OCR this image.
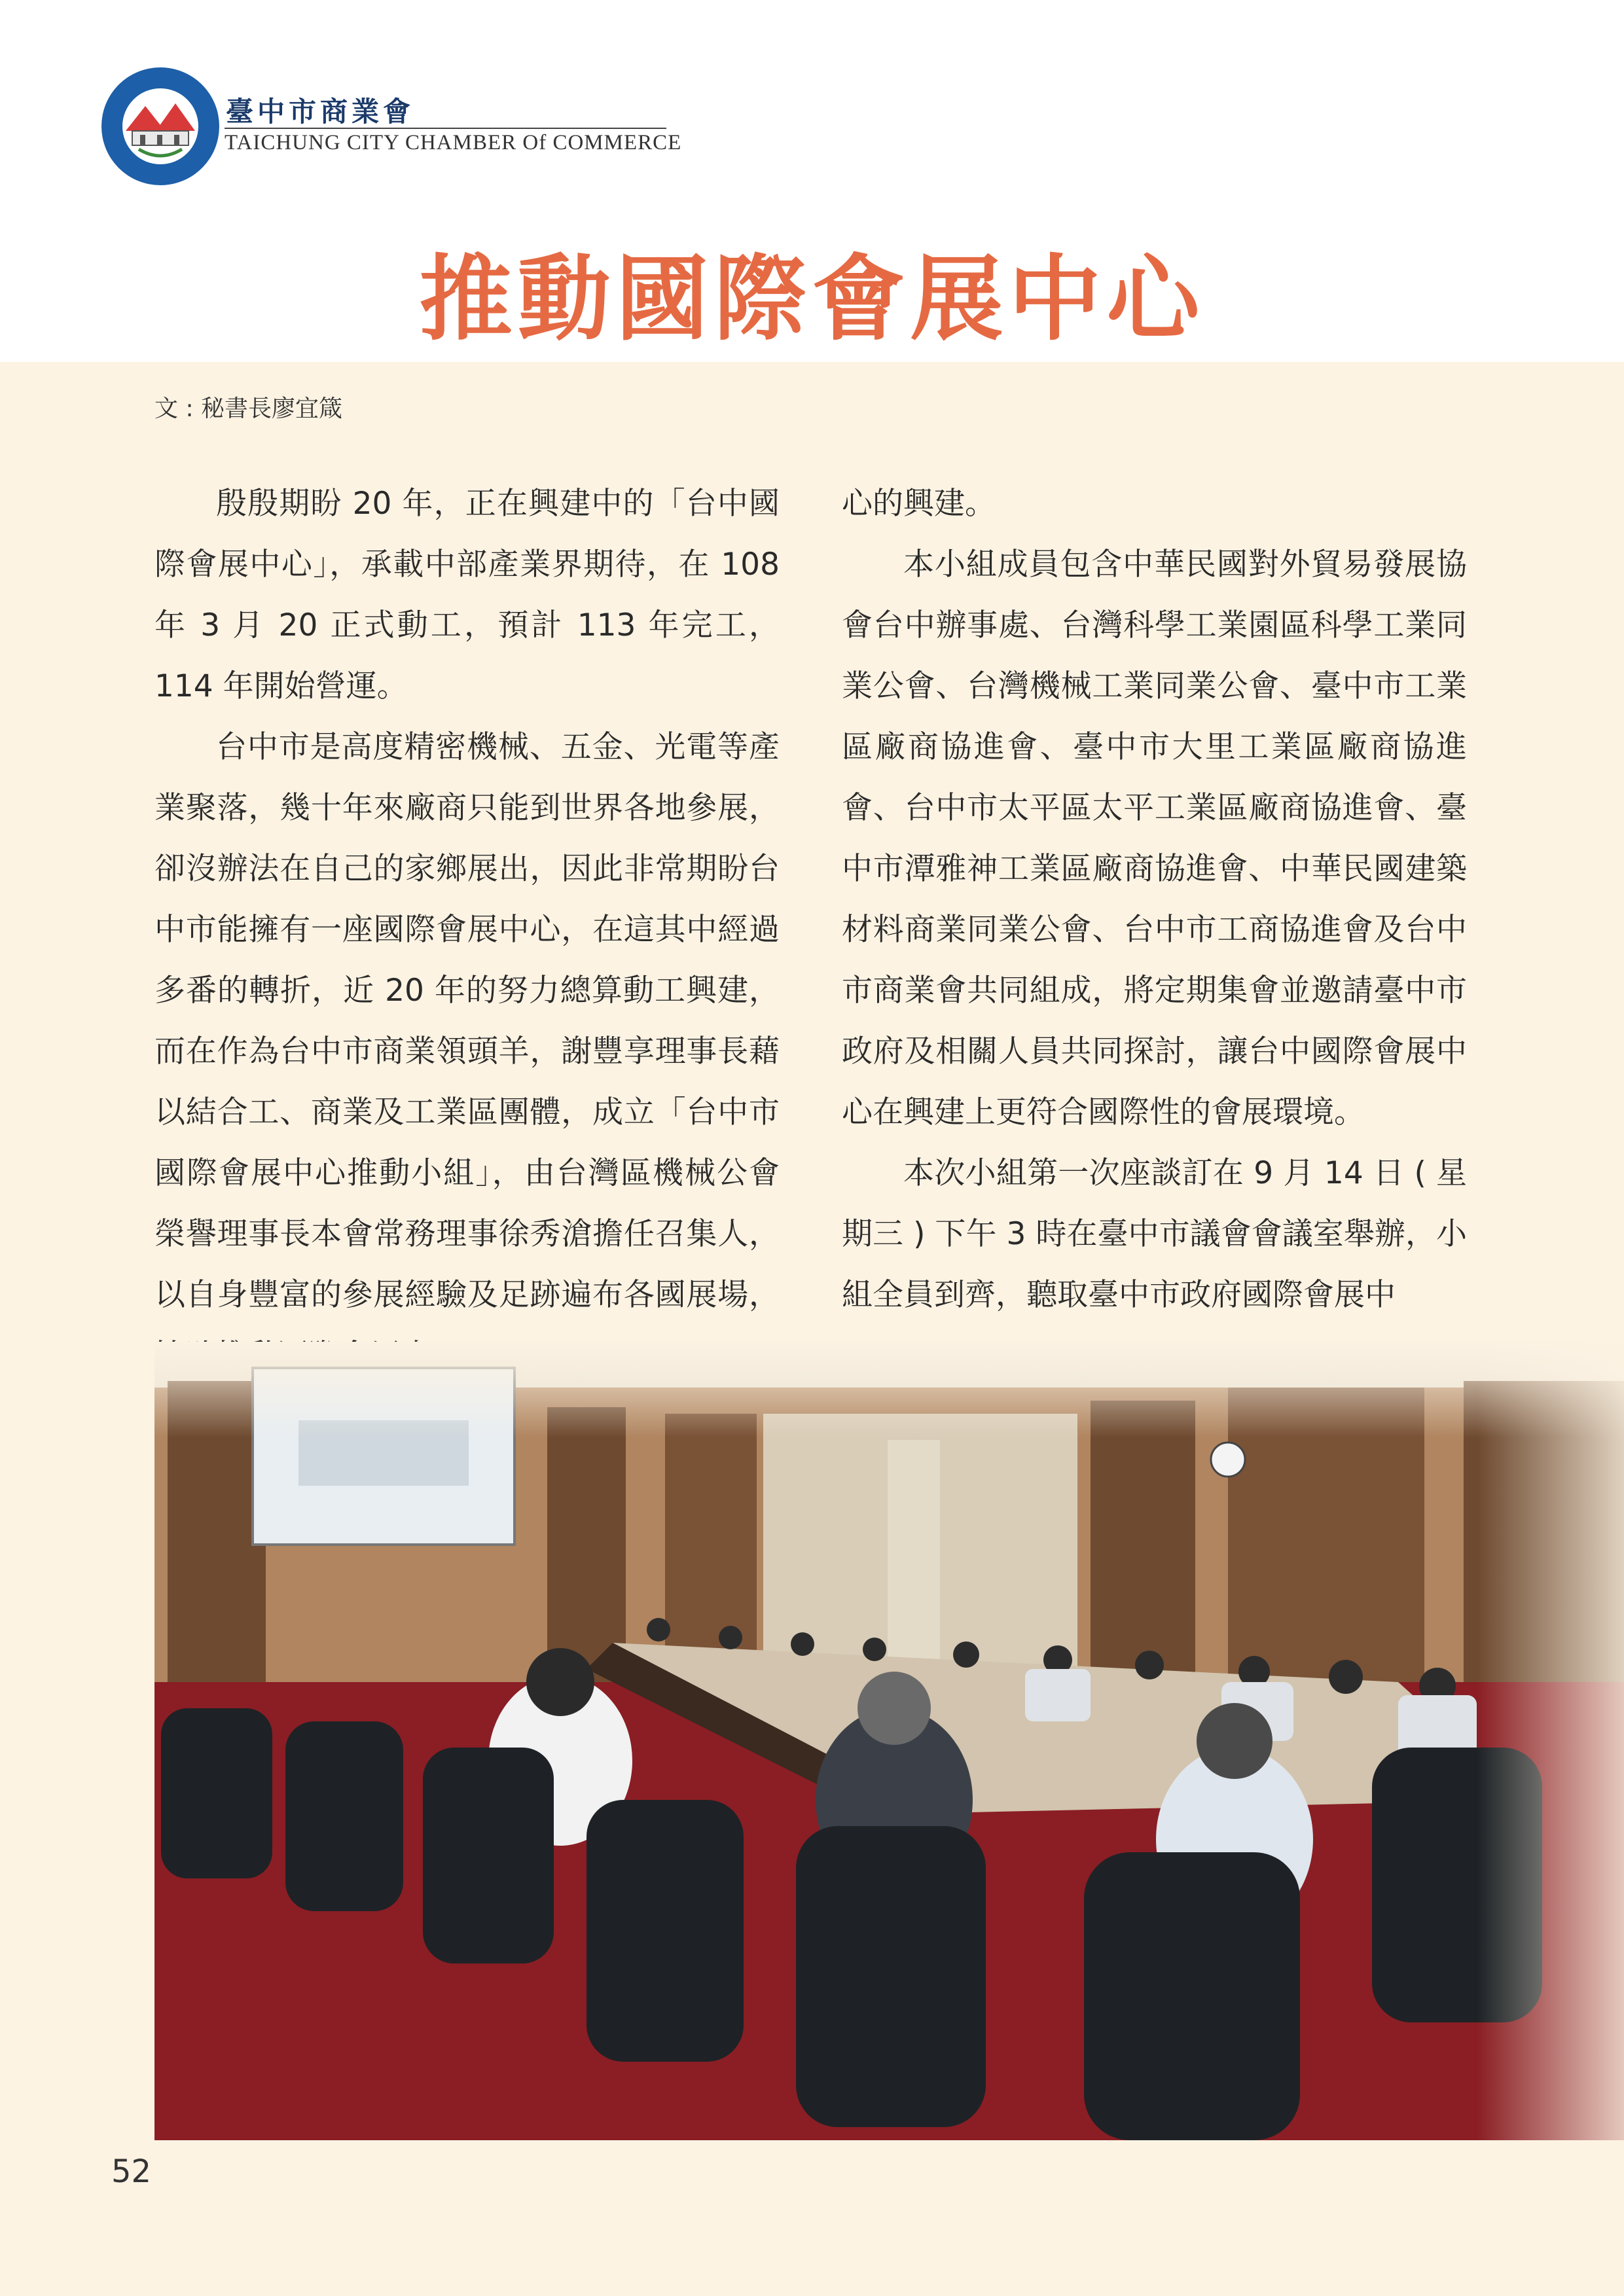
臺中市商業會
TAICHUNG CITY CHAMBER Of COMMERCE
推動國際會展中心
文 : 秘書長廖宜箴

殷殷期盼 20 年，正在興建中的「台中國際會展中心」，承載中部產業界期待，在 108 年 3 月 20 正式動工，預計 113 年完工，114 年開始營運。

台中市是高度精密機械、五金、光電等產業聚落，幾十年來廠商只能到世界各地參展，卻沒辦法在自己的家鄉展出，因此非常期盼台中市能擁有一座國際會展中心，在這其中經過多番的轉折，近 20 年的努力總算動工興建，而在作為台中市商業領頭羊，謝豐享理事長藉以結合工、商業及工業區團體，成立「台中市國際會展中心推動小組」，由台灣區機械公會榮譽理事長本會常務理事徐秀滄擔任召集人，以自身豐富的參展經驗及足跡遍布各國展場，

心的興建。

本小組成員包含中華民國對外貿易發展協會台中辦事處、台灣科學工業園區科學工業同業公會、台灣機械工業同業公會、臺中市工業區廠商協進會、臺中市大里工業區廠商協進會、台中市太平區太平工業區廠商協進會、臺中市潭雅神工業區廠商協進會、中華民國建築材料商業同業公會、台中市工商協進會及台中市商業會共同組成，將定期集會並邀請臺中市政府及相關人員共同探討，讓台中國際會展中心在興建上更符合國際性的會展環境。

本次小組第一次座談訂在 9 月 14 日 ( 星期三 ) 下午 3 時在臺中市議會會議室舉辦，小組全員到齊，聽取臺中市政府國際會展中

52
